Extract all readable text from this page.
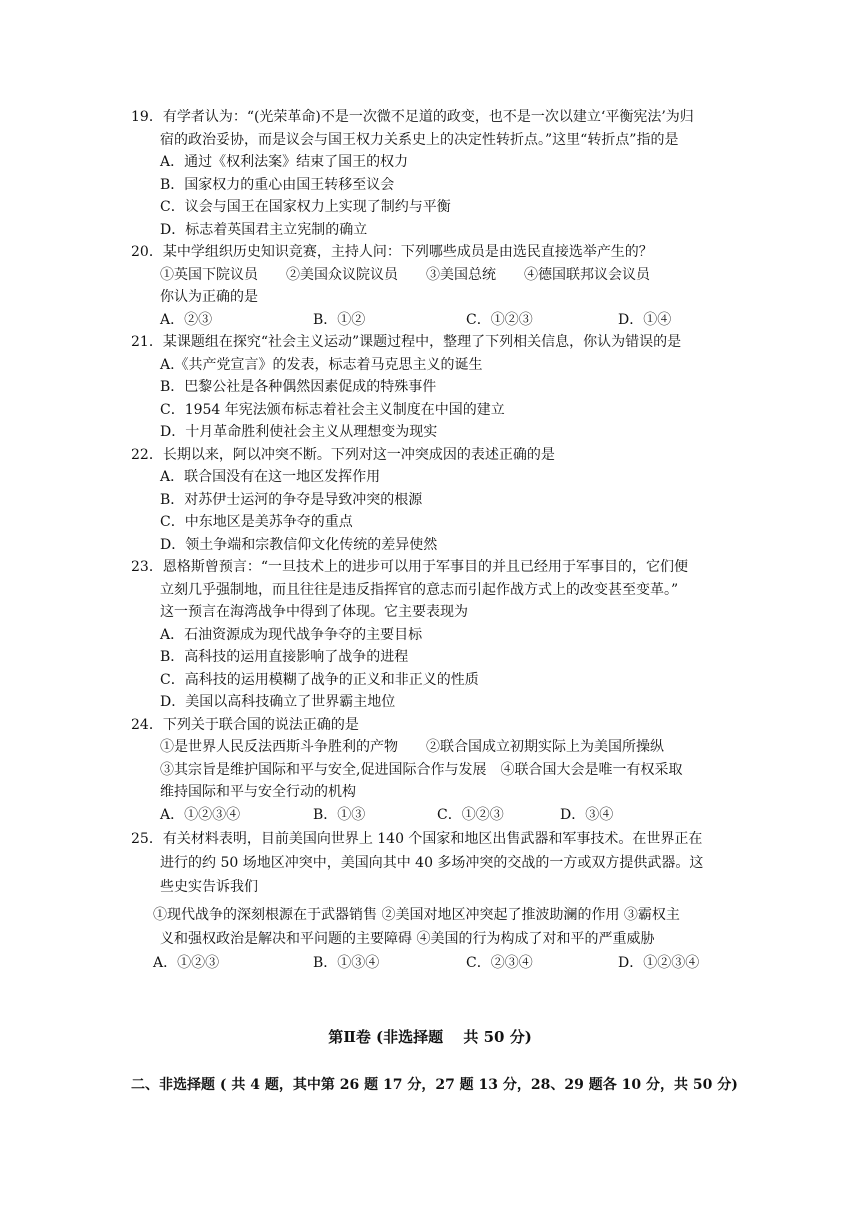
19．有学者认为：“(光荣革命)不是一次微不足道的政变，也不是一次以建立‘平衡宪法’为归
宿的政治妥协，而是议会与国王权力关系史上的决定性转折点。”这里“转折点”指的是
A．通过《权利法案》结束了国王的权力
B．国家权力的重心由国王转移至议会
C．议会与国王在国家权力上实现了制约与平衡
D．标志着英国君主立宪制的确立
20．某中学组织历史知识竞赛，主持人问：下列哪些成员是由选民直接选举产生的？
①英国下院议员　　②美国众议院议员　　③美国总统　　④德国联邦议会议员
你认为正确的是
A．②③	B．①②	C．①②③	D．①④
21．某课题组在探究“社会主义运动”课题过程中，整理了下列相关信息，你认为错误的是
A.《共产党宣言》的发表，标志着马克思主义的诞生
B．巴黎公社是各种偶然因素促成的特殊事件
C．1954 年宪法颁布标志着社会主义制度在中国的建立
D．十月革命胜利使社会主义从理想变为现实
22．长期以来，阿以冲突不断。下列对这一冲突成因的表述正确的是
A．联合国没有在这一地区发挥作用
B．对苏伊士运河的争夺是导致冲突的根源
C．中东地区是美苏争夺的重点
D．领土争端和宗教信仰文化传统的差异使然
23．恩格斯曾预言：“一旦技术上的进步可以用于军事目的并且已经用于军事目的，它们便
立刻几乎强制地，而且往往是违反指挥官的意志而引起作战方式上的改变甚至变革。”
这一预言在海湾战争中得到了体现。它主要表现为
A．石油资源成为现代战争争夺的主要目标
B．高科技的运用直接影响了战争的进程
C．高科技的运用模糊了战争的正义和非正义的性质
D．美国以高科技确立了世界霸主地位
24．下列关于联合国的说法正确的是
①是世界人民反法西斯斗争胜利的产物　　②联合国成立初期实际上为美国所操纵
③其宗旨是维护国际和平与安全,促进国际合作与发展　④联合国大会是唯一有权采取
维持国际和平与安全行动的机构
A．①②③④	B．①③	C．①②③	D．③④
25．有关材料表明，目前美国向世界上 140 个国家和地区出售武器和军事技术。在世界正在
进行的约 50 场地区冲突中，美国向其中 40 多场冲突的交战的一方或双方提供武器。这
些史实告诉我们
①现代战争的深刻根源在于武器销售 ②美国对地区冲突起了推波助澜的作用 ③霸权主
义和强权政治是解决和平问题的主要障碍 ④美国的行为构成了对和平的严重威胁
A．①②③	B．①③④	C．②③④	D．①②③④
第Ⅱ卷 (非选择题　 共 50 分)
二、非选择题 ( 共 4 题，其中第 26 题 17 分，27 题 13 分，28、29 题各 10 分，共 50 分)
